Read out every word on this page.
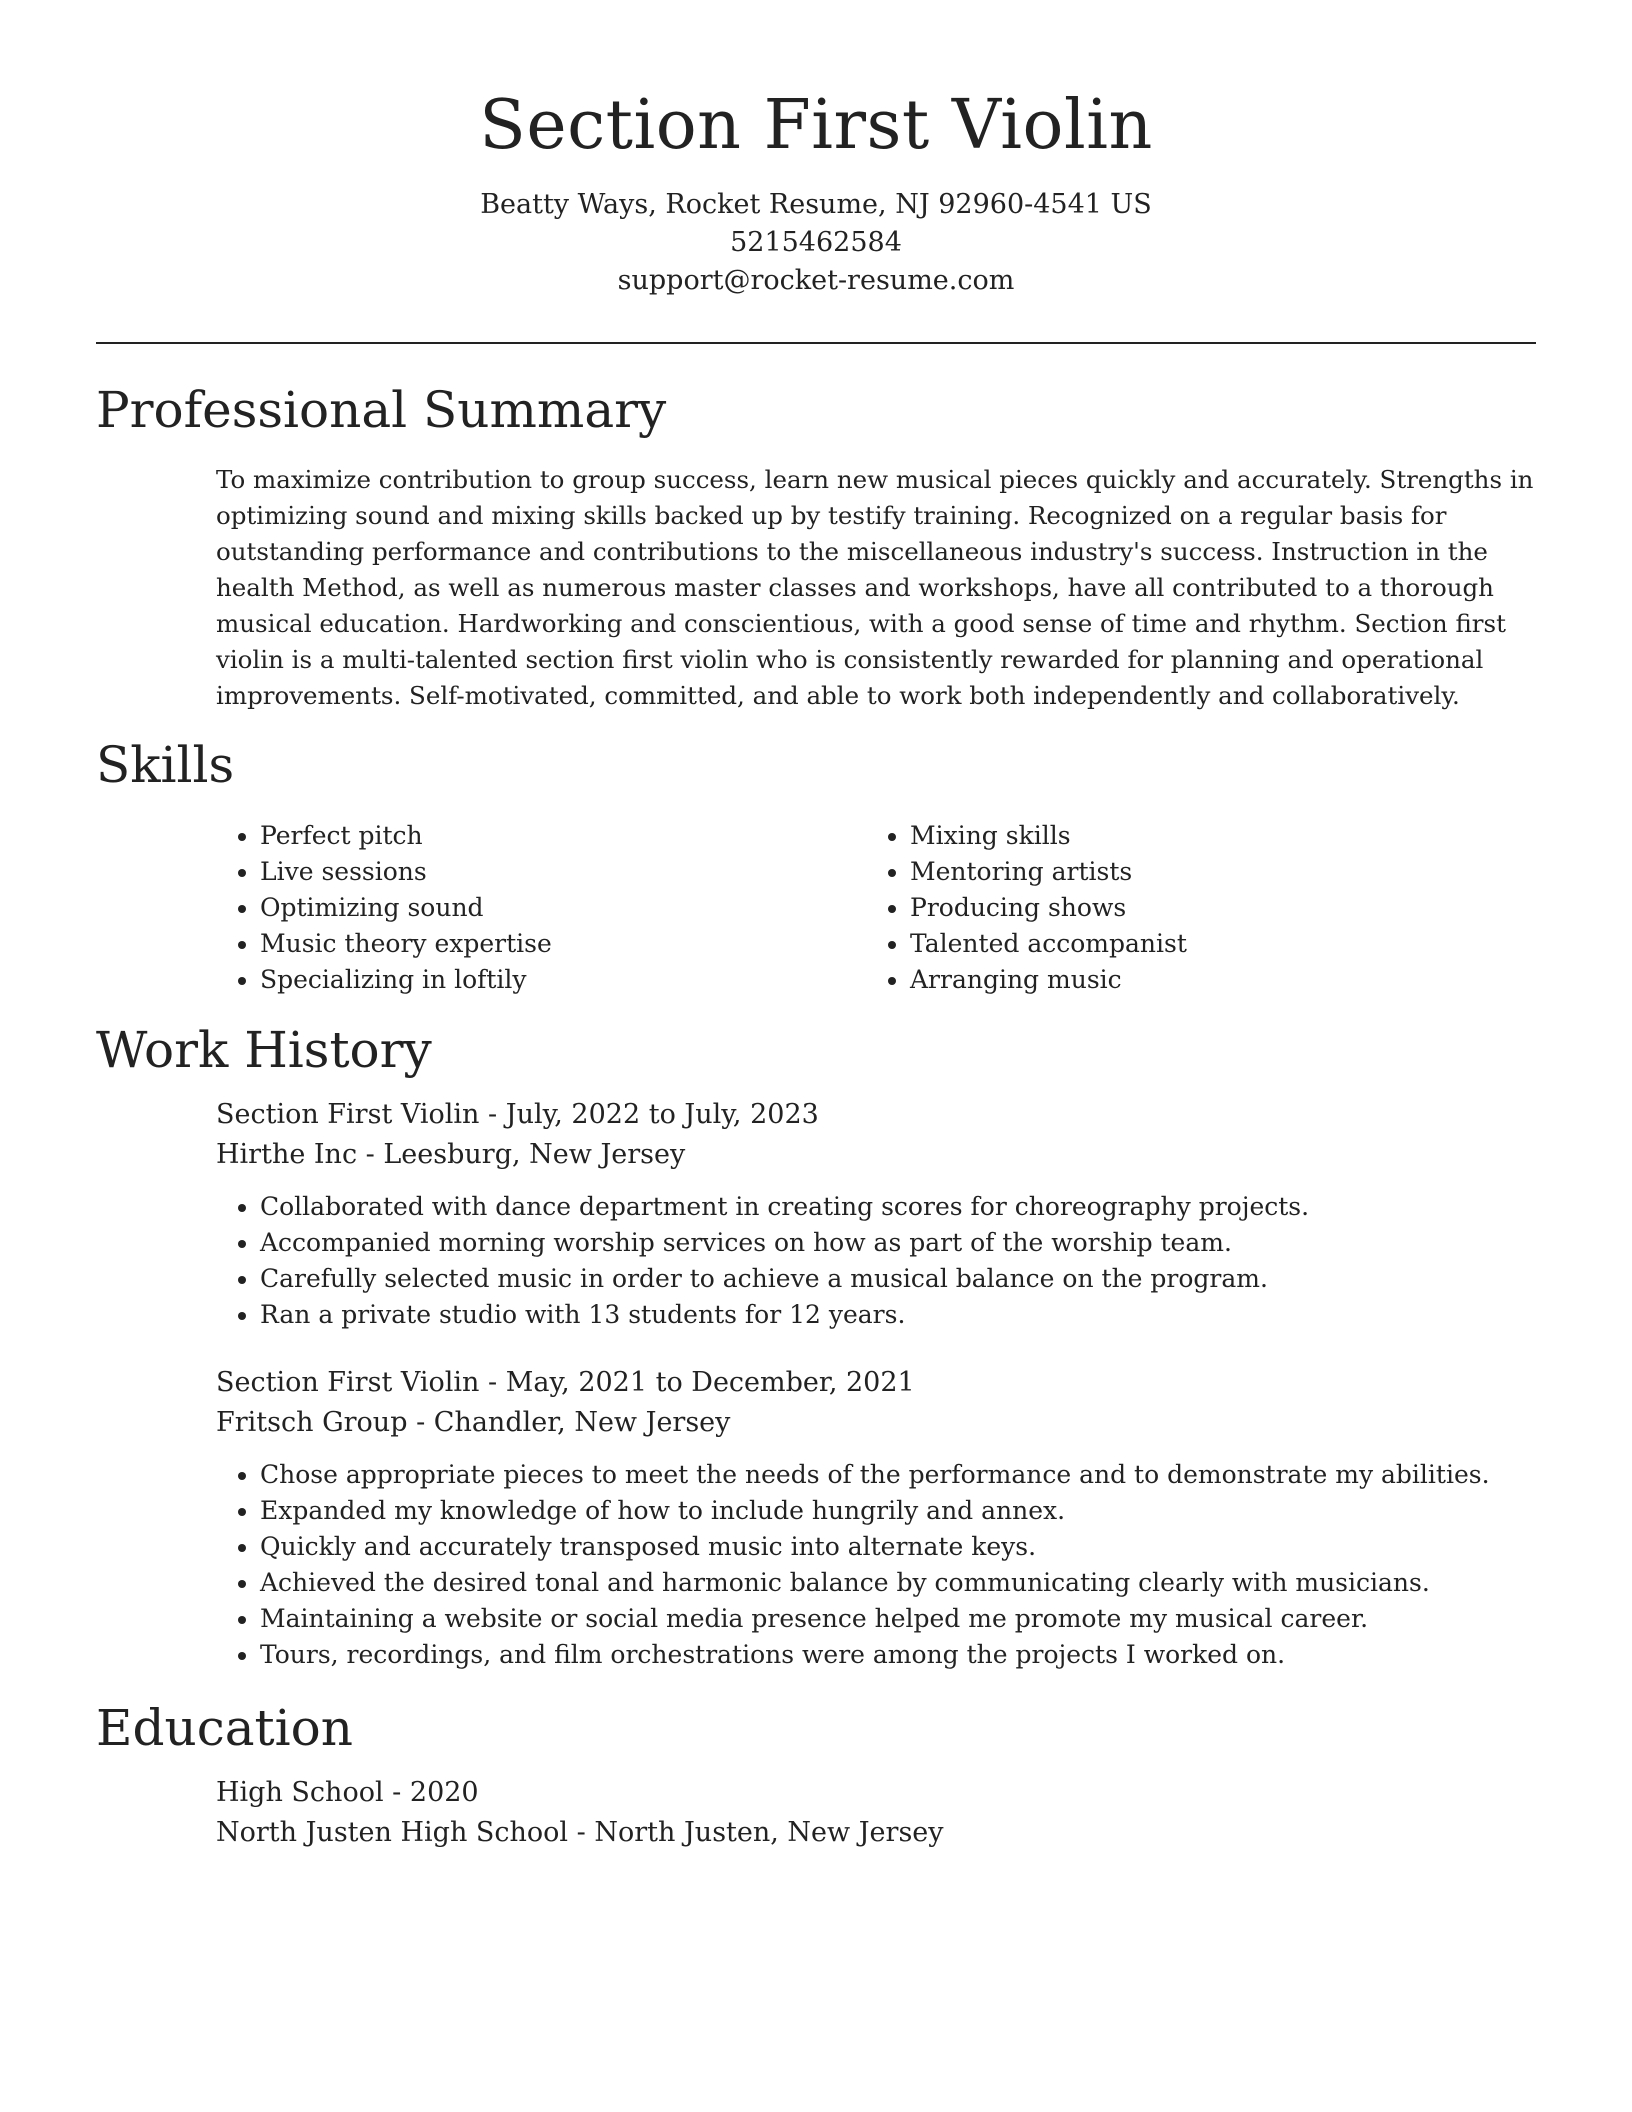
Section First Violin

Beatty Ways, Rocket Resume, NJ 92960-4541 US

5215462584

support@rocket-resume.com

Professional Summary

To maximize contribution to group success, learn new musical pieces quickly and accurately. Strengths in optimizing sound and mixing skills backed up by testify training. Recognized on a regular basis for outstanding performance and contributions to the miscellaneous industry's success. Instruction in the health Method, as well as numerous master classes and workshops, have all contributed to a thorough musical education. Hardworking and conscientious, with a good sense of time and rhythm. Section first violin is a multi-talented section first violin who is consistently rewarded for planning and operational improvements. Self-motivated, committed, and able to work both independently and collaboratively.

Skills
• Perfect pitch
• Live sessions
• Optimizing sound
• Music theory expertise
• Specializing in loftily
• Mixing skills
• Mentoring artists
• Producing shows
• Talented accompanist
• Arranging music
Work History

Section First Violin - July, 2022 to July, 2023

Hirthe Inc - Leesburg, New Jersey

• Collaborated with dance department in creating scores for choreography projects.
• Accompanied morning worship services on how as part of the worship team.
• Carefully selected music in order to achieve a musical balance on the program.
• Ran a private studio with 13 students for 12 years.

Section First Violin - May, 2021 to December, 2021

Fritsch Group - Chandler, New Jersey

• Chose appropriate pieces to meet the needs of the performance and to demonstrate my abilities.
• Expanded my knowledge of how to include hungrily and annex.
• Quickly and accurately transposed music into alternate keys.
• Achieved the desired tonal and harmonic balance by communicating clearly with musicians.
• Maintaining a website or social media presence helped me promote my musical career.
• Tours, recordings, and film orchestrations were among the projects I worked on.
Education

High School - 2020

North Justen High School - North Justen, New Jersey
